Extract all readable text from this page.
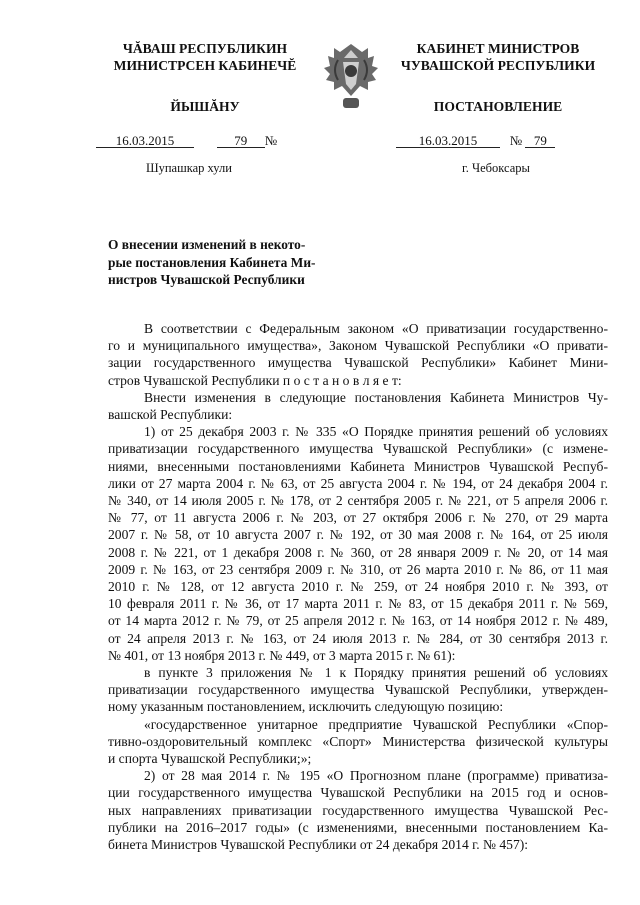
ЧĂВАШ РЕСПУБЛИКИН
МИНИСТРСЕН КАБИНЕЧĔ
ЙЫШĂНУ
КАБИНЕТ МИНИСТРОВ
ЧУВАШСКОЙ РЕСПУБЛИКИ
ПОСТАНОВЛЕНИЕ
16.03.2015	79 №	16.03.2015	№ 79
Шупашкар хули	г. Чебоксары
О внесении изменений в некото-
рые постановления Кабинета Ми-
нистров Чувашской Республики
В соответствии с Федеральным законом «О приватизации государственно-
го и муниципального имущества», Законом Чувашской Республики «О привати-
зации государственного имущества Чувашской Республики» Кабинет Мини-
стров Чувашской Республики п о с т а н о в л я е т:
Внести изменения в следующие постановления Кабинета Министров Чу-
вашской Республики:
1) от 25 декабря 2003 г. № 335 «О Порядке принятия решений об условиях
приватизации государственного имущества Чувашской Республики» (с измене-
ниями, внесенными постановлениями Кабинета Министров Чувашской Респуб-
лики от 27 марта 2004 г. № 63, от 25 августа 2004 г. № 194, от 24 декабря 2004 г.
№ 340, от 14 июля 2005 г. № 178, от 2 сентября 2005 г. № 221, от 5 апреля 2006 г.
№ 77, от 11 августа 2006 г. № 203, от 27 октября 2006 г. № 270, от 29 марта
2007 г. № 58, от 10 августа 2007 г. № 192, от 30 мая 2008 г. № 164, от 25 июля
2008 г. № 221, от 1 декабря 2008 г. № 360, от 28 января 2009 г. № 20, от 14 мая
2009 г. № 163, от 23 сентября 2009 г. № 310, от 26 марта 2010 г. № 86, от 11 мая
2010 г. № 128, от 12 августа 2010 г. № 259, от 24 ноября 2010 г. № 393, от
10 февраля 2011 г. № 36, от 17 марта 2011 г. № 83, от 15 декабря 2011 г. № 569,
от 14 марта 2012 г. № 79, от 25 апреля 2012 г. № 163, от 14 ноября 2012 г. № 489,
от 24 апреля 2013 г. № 163, от 24 июля 2013 г. № 284, от 30 сентября 2013 г.
№ 401, от 13 ноября 2013 г. № 449, от 3 марта 2015 г. № 61):
в пункте 3 приложения № 1 к Порядку принятия решений об условиях
приватизации государственного имущества Чувашской Республики, утвержден-
ному указанным постановлением, исключить следующую позицию:
«государственное унитарное предприятие Чувашской Республики «Спор-
тивно-оздоровительный комплекс «Спорт» Министерства физической культуры
и спорта Чувашской Республики;»;
2) от 28 мая 2014 г. № 195 «О Прогнозном плане (программе) приватиза-
ции государственного имущества Чувашской Республики на 2015 год и основ-
ных направлениях приватизации государственного имущества Чувашской Рес-
публики на 2016–2017 годы» (с изменениями, внесенными постановлением Ка-
бинета Министров Чувашской Республики от 24 декабря 2014 г. № 457):
